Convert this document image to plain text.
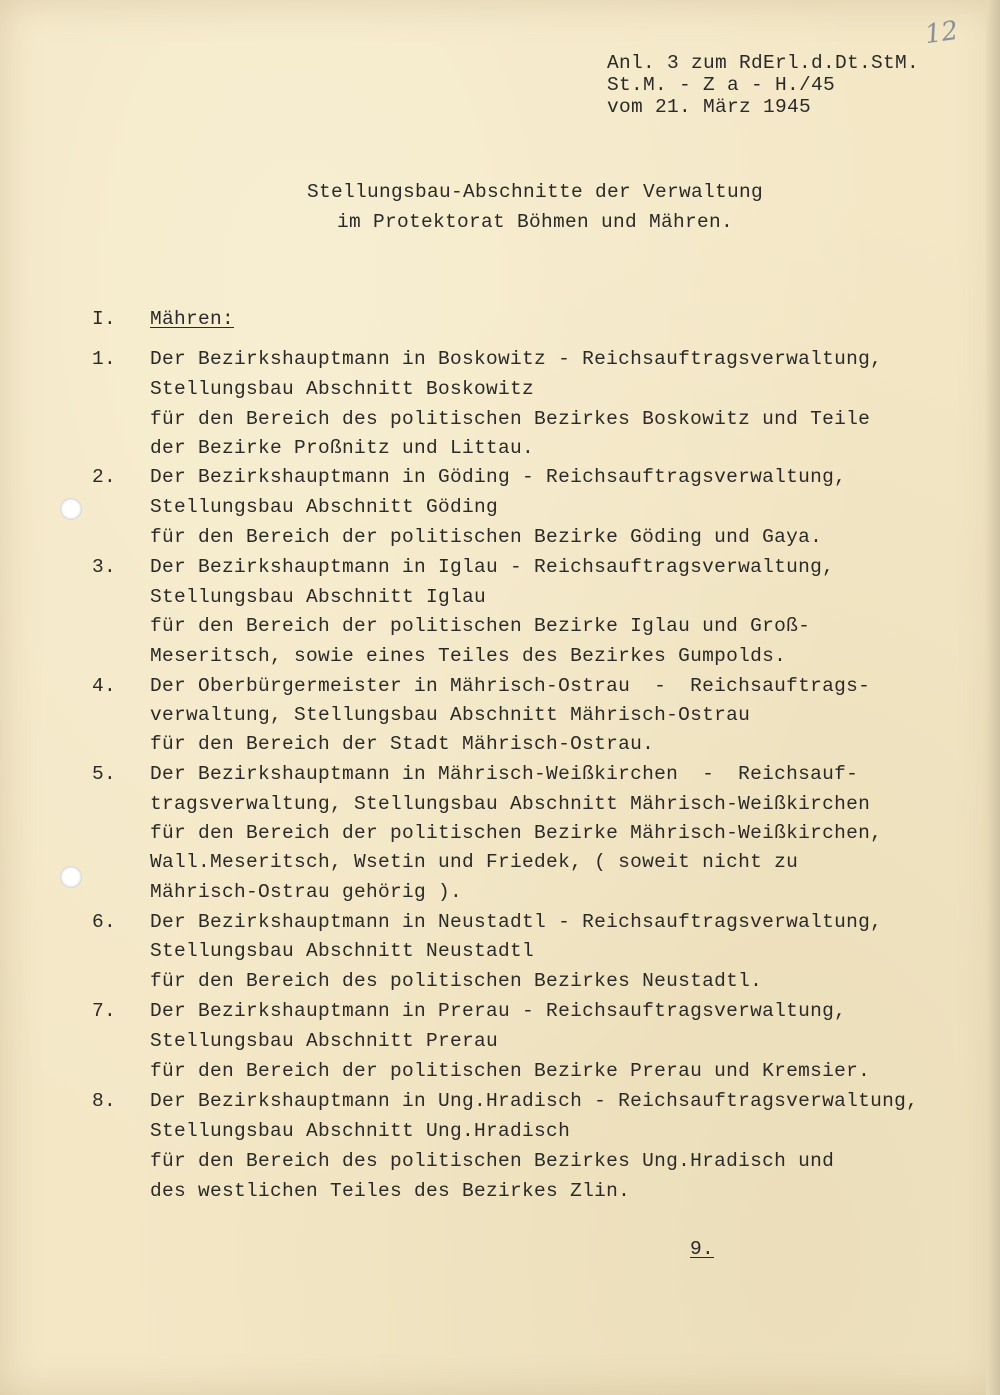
12

Anl. 3 zum RdErl.d.Dt.StM.

St.M. - Z a - H./45

vom 21. März 1945

Stellungsbau-Abschnitte der Verwaltung

im Protektorat Böhmen und Mähren.

I. Mähren:

1. Der Bezirkshauptmann in Boskowitz - Reichsauftragsverwaltung,

Stellungsbau Abschnitt Boskowitz

für den Bereich des politischen Bezirkes Boskowitz und Teile

der Bezirke Proßnitz und Littau.

2. Der Bezirkshauptmann in Göding - Reichsauftragsverwaltung,

Stellungsbau Abschnitt Göding

für den Bereich der politischen Bezirke Göding und Gaya.

3. Der Bezirkshauptmann in Iglau - Reichsauftragsverwaltung,

Stellungsbau Abschnitt Iglau

für den Bereich der politischen Bezirke Iglau und Groß-

Meseritsch, sowie eines Teiles des Bezirkes Gumpolds.

4. Der Oberbürgermeister in Mährisch-Ostrau  -  Reichsauftrags-

verwaltung, Stellungsbau Abschnitt Mährisch-Ostrau

für den Bereich der Stadt Mährisch-Ostrau.

5. Der Bezirkshauptmann in Mährisch-Weißkirchen  -  Reichsauf-

tragsverwaltung, Stellungsbau Abschnitt Mährisch-Weißkirchen

für den Bereich der politischen Bezirke Mährisch-Weißkirchen,

Wall.Meseritsch, Wsetin und Friedek, ( soweit nicht zu

Mährisch-Ostrau gehörig ).

6. Der Bezirkshauptmann in Neustadtl - Reichsauftragsverwaltung,

Stellungsbau Abschnitt Neustadtl

für den Bereich des politischen Bezirkes Neustadtl.

7. Der Bezirkshauptmann in Prerau - Reichsauftragsverwaltung,

Stellungsbau Abschnitt Prerau

für den Bereich der politischen Bezirke Prerau und Kremsier.

8. Der Bezirkshauptmann in Ung.Hradisch - Reichsauftragsverwaltung,

Stellungsbau Abschnitt Ung.Hradisch

für den Bereich des politischen Bezirkes Ung.Hradisch und

des westlichen Teiles des Bezirkes Zlin.

9.
